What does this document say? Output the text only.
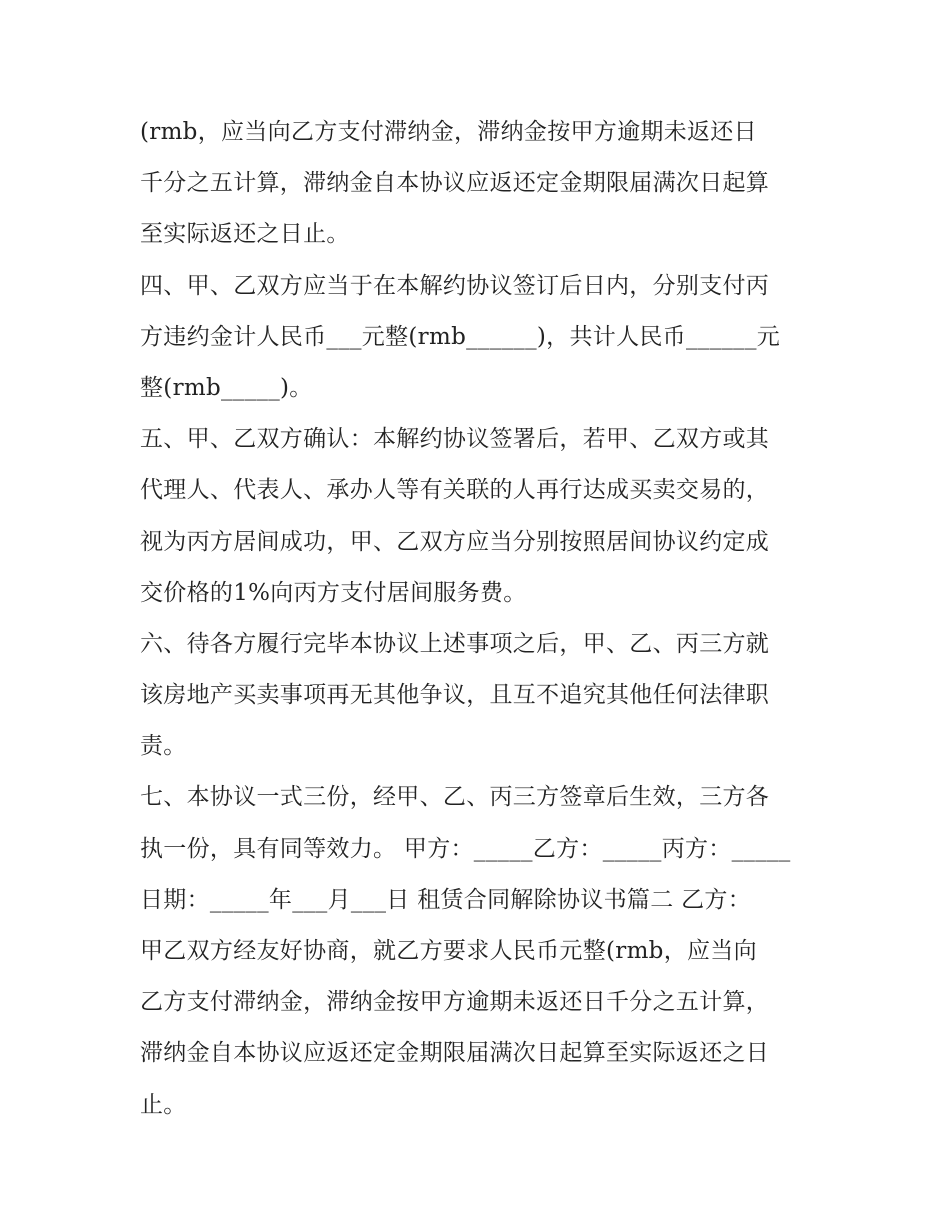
(rmb，应当向乙方支付滞纳金，滞纳金按甲方逾期未返还日
千分之五计算，滞纳金自本协议应返还定金期限届满次日起算
至实际返还之日止。
四、甲、乙双方应当于在本解约协议签订后日内，分别支付丙
方违约金计人民币___元整(rmb______)，共计人民币______元
整(rmb_____)。
五、甲、乙双方确认：本解约协议签署后，若甲、乙双方或其
代理人、代表人、承办人等有关联的人再行达成买卖交易的，
视为丙方居间成功，甲、乙双方应当分别按照居间协议约定成
交价格的1%向丙方支付居间服务费。
六、待各方履行完毕本协议上述事项之后，甲、乙、丙三方就
该房地产买卖事项再无其他争议，且互不追究其他任何法律职
责。
七、本协议一式三份，经甲、乙、丙三方签章后生效，三方各
执一份，具有同等效力。 甲方：_____乙方：_____丙方：_____
日期：_____年___月___日 租赁合同解除协议书篇二 乙方：
甲乙双方经友好协商，就乙方要求人民币元整(rmb，应当向
乙方支付滞纳金，滞纳金按甲方逾期未返还日千分之五计算，
滞纳金自本协议应返还定金期限届满次日起算至实际返还之日
止。
